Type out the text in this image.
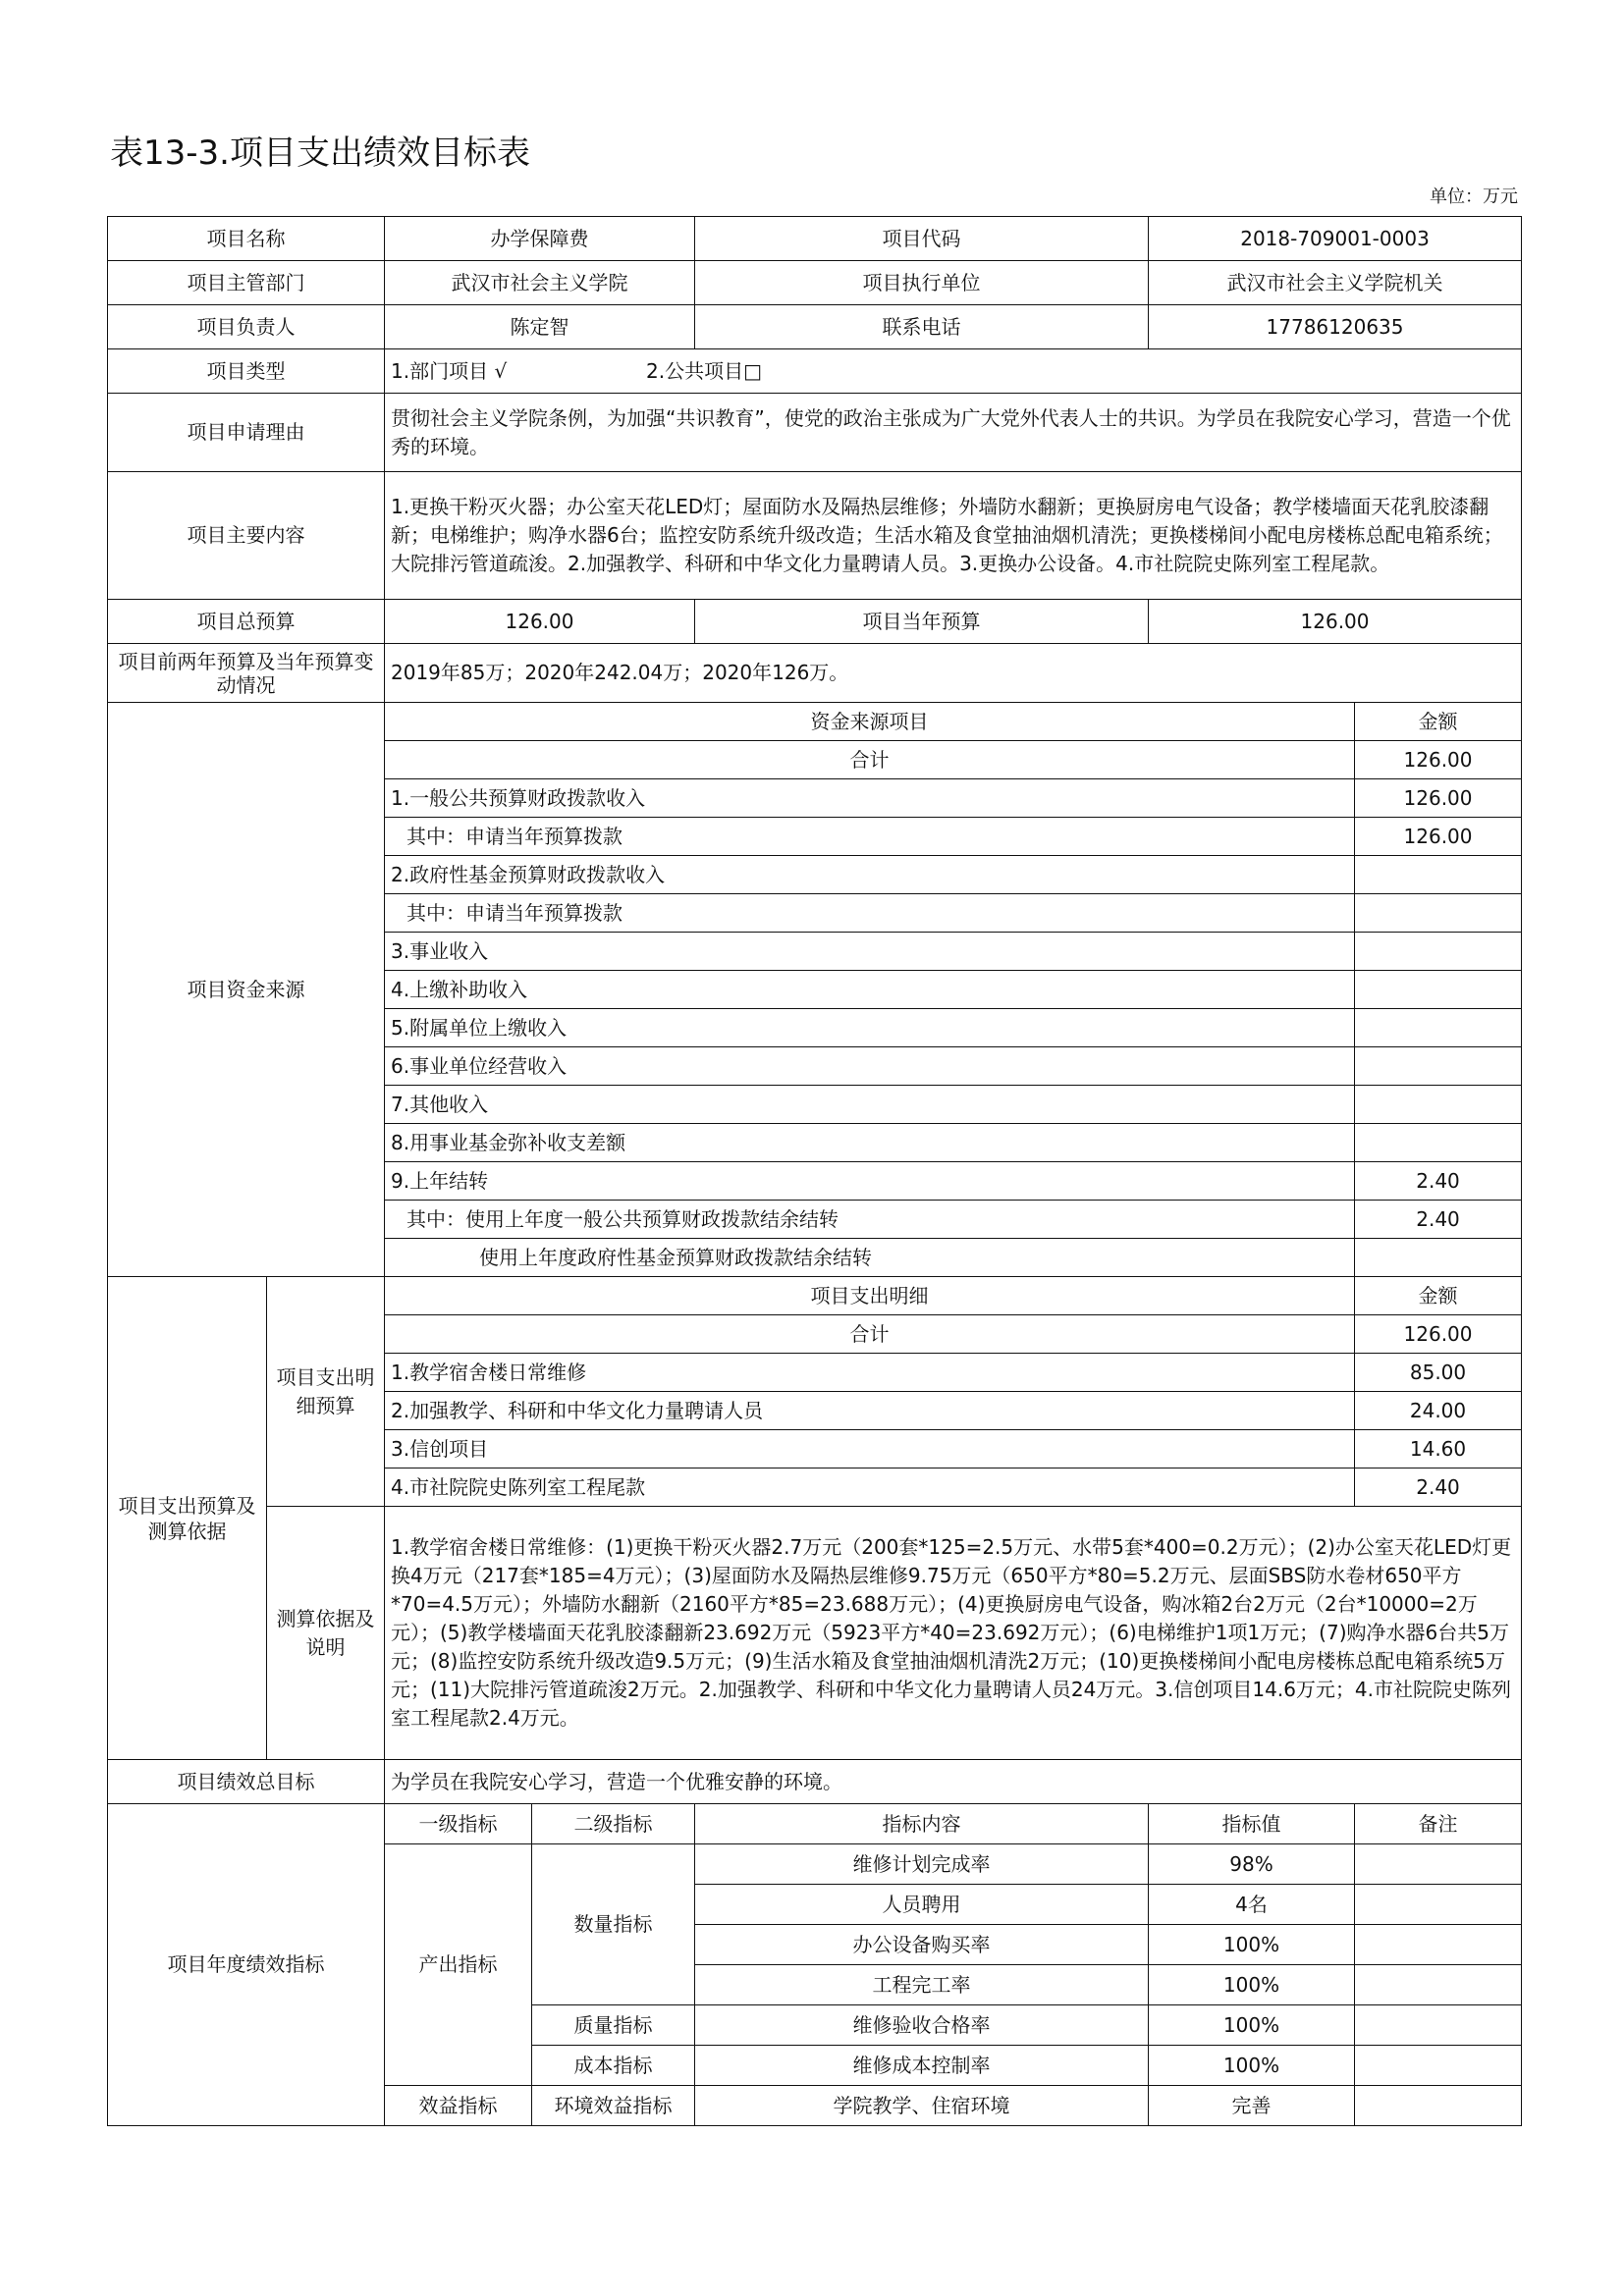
表13-3.项目支出绩效目标表
单位：万元
项目名称		办学保障费		项目代码	2018-709001-0003	
项目主管部门		武汉市社会主义学院		项目执行单位	武汉市社会主义学院机关	
项目负责人		陈定智		联系电话	17786120635	
项目类型		1.部门项目 √ 2.公共项目□				
项目申请理由		贯彻社会主义学院条例，为加强“共识教育”，使党的政治主张成为广大党外代表人士的共识。为学员在我院安心学习，营造一个优秀的环境。				
项目主要内容		1.更换干粉灭火器；办公室天花LED灯；屋面防水及隔热层维修；外墙防水翻新；更换厨房电气设备；教学楼墙面天花乳胶漆翻新；电梯维护；购净水器6台；监控安防系统升级改造；生活水箱及食堂抽油烟机清洗；更换楼梯间小配电房楼栋总配电箱系统；大院排污管道疏浚。2.加强教学、科研和中华文化力量聘请人员。3.更换办公设备。4.市社院院史陈列室工程尾款。				
项目总预算		126.00		项目当年预算	126.00	
项目前两年预算及当年预算变动情况		2019年85万；2020年242.04万；2020年126万。				
项目资金来源		资金来源项目				金额
		合计				126.00
		1.一般公共预算财政拨款收入				126.00
		其中：申请当年预算拨款				126.00
		2.政府性基金预算财政拨款收入				
		其中：申请当年预算拨款				
		3.事业收入				
		4.上缴补助收入				
		5.附属单位上缴收入				
		6.事业单位经营收入				
		7.其他收入				
		8.用事业基金弥补收支差额				
		9.上年结转				2.40
		其中：使用上年度一般公共预算财政拨款结余结转				2.40
		使用上年度政府性基金预算财政拨款结余结转				
项目支出预算及测算依据	项目支出明细预算	项目支出明细				金额
		合计				126.00
		1.教学宿舍楼日常维修				85.00
		2.加强教学、科研和中华文化力量聘请人员				24.00
		3.信创项目				14.60
		4.市社院院史陈列室工程尾款				2.40
	测算依据及说明	1.教学宿舍楼日常维修：(1)更换干粉灭火器2.7万元（200套*125=2.5万元、水带5套*400=0.2万元）；(2)办公室天花LED灯更换4万元（217套*185=4万元）；(3)屋面防水及隔热层维修9.75万元（650平方*80=5.2万元、层面SBS防水卷材650平方*70=4.5万元）；外墙防水翻新（2160平方*85=23.688万元）；(4)更换厨房电气设备，购冰箱2台2万元（2台*10000=2万元）；(5)教学楼墙面天花乳胶漆翻新23.692万元（5923平方*40=23.692万元）；(6)电梯维护1项1万元；(7)购净水器6台共5万元；(8)监控安防系统升级改造9.5万元；(9)生活水箱及食堂抽油烟机清洗2万元；(10)更换楼梯间小配电房楼栋总配电箱系统5万元；(11)大院排污管道疏浚2万元。2.加强教学、科研和中华文化力量聘请人员24万元。3.信创项目14.6万元；4.市社院院史陈列室工程尾款2.4万元。				
项目绩效总目标		为学员在我院安心学习，营造一个优雅安静的环境。				
项目年度绩效指标		一级指标	二级指标	指标内容	指标值	备注
		产出指标	数量指标	维修计划完成率	98%	
				人员聘用	4名	
				办公设备购买率	100%	
				工程完工率	100%	
			质量指标	维修验收合格率	100%	
			成本指标	维修成本控制率	100%	
		效益指标	环境效益指标	学院教学、住宿环境	完善	
